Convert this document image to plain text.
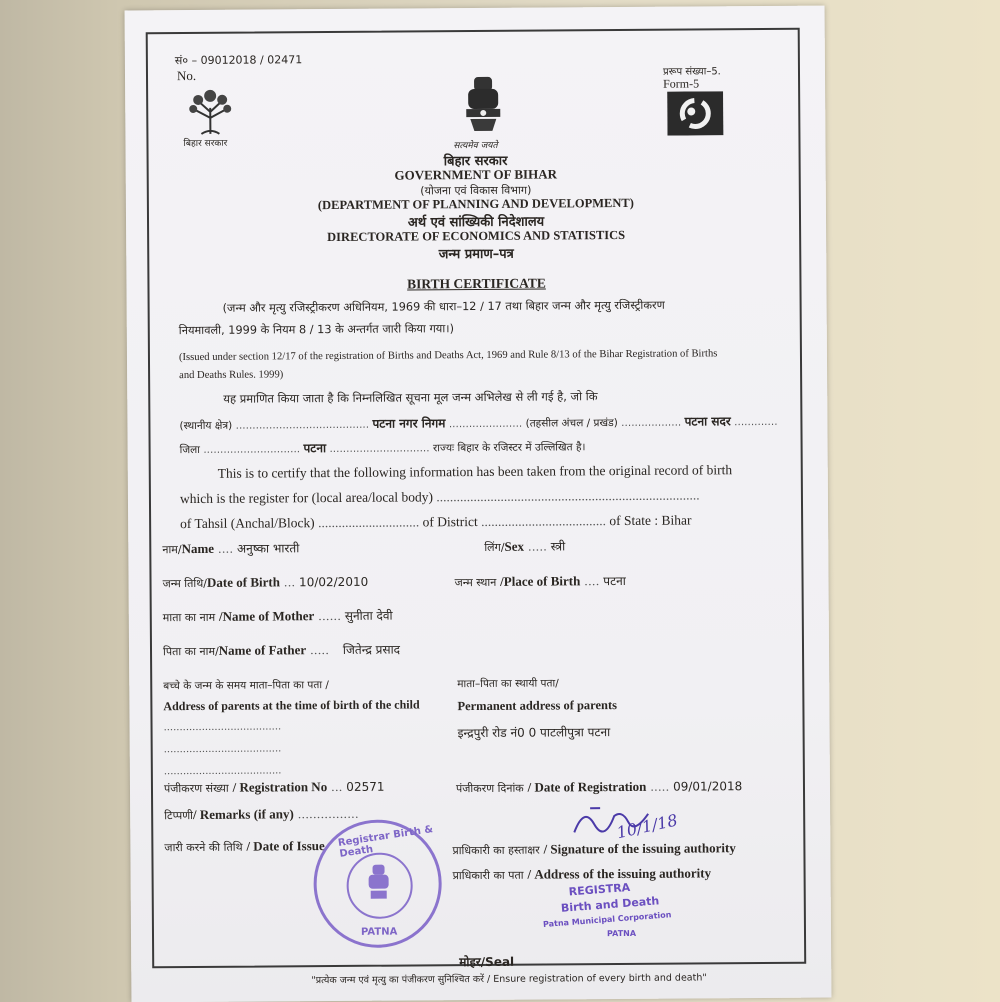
सं० – 09012018 / 02471
No.
बिहार सरकार
प्ररूप संख्या–5.
Form-5
सत्यमेव जयते
बिहार सरकार
GOVERNMENT OF BIHAR
(योजना एवं विकास विभाग)
(DEPARTMENT OF PLANNING AND DEVELOPMENT)
अर्थ एवं सांख्यिकी निदेशालय
DIRECTORATE OF ECONOMICS AND STATISTICS
जन्म प्रमाण–पत्र
BIRTH CERTIFICATE
(जन्म और मृत्यु रजिस्ट्रीकरण अधिनियम, 1969 की धारा–12 / 17 तथा बिहार जन्म और मृत्यु रजिस्ट्रीकरण
नियमावली, 1999 के नियम 8 / 13 के अन्तर्गत जारी किया गया।)
(Issued under section 12/17 of the registration of Births and Deaths Act, 1969 and Rule 8/13 of the Bihar Registration of Births
and Deaths Rules. 1999)
यह प्रमाणित किया जाता है कि निम्नलिखित सूचना मूल जन्म अभिलेख से ली गई है, जो कि
(स्थानीय क्षेत्र) ........................................ पटना नगर निगम ...................... (तहसील अंचल / प्रखंड) .................. पटना सदर .............
जिला ............................. पटना .............................. राज्यः बिहार के रजिस्टर में उल्लिखित है।
This is to certify that the following information has been taken from the original record of birth
which is the register for (local area/local body) ..............................................................................
of Tahsil (Anchal/Block) .............................. of District ..................................... of State : Bihar
नाम/Name .... अनुष्का भारती	लिंग/Sex ..... स्त्री
जन्म तिथि/Date of Birth ... 10/02/2010	जन्म स्थान /Place of Birth .... पटना
माता का नाम /Name of Mother ...... सुनीता देवी
पिता का नाम/Name of Father ..... जितेन्द्र प्रसाद
बच्चे के जन्म के समय माता–पिता का पता /
Address of parents at the time of birth of the child
.....................................
.....................................
.....................................
माता–पिता का स्थायी पता/
Permanent address of parents
इन्द्रपुरी रोड नं0 0 पाटलीपुत्रा पटना
पंजीकरण संख्या / Registration No ... 02571	पंजीकरण दिनांक / Date of Registration ..... 09/01/2018
टिप्पणी/ Remarks (if any) ................
जारी करने की तिथि / Date of Issue	प्राधिकारी का हस्ताक्षर / Signature of the issuing authority
प्राधिकारी का पता / Address of the issuing authority
Registrar Birth & Death
PATNA
10/1/18
REGISTRA
Birth and Death
Patna Municipal Corporation
PATNA
मोहर/Seal
"प्रत्येक जन्म एवं मृत्यु का पंजीकरण सुनिश्चित करें / Ensure registration of every birth and death"
